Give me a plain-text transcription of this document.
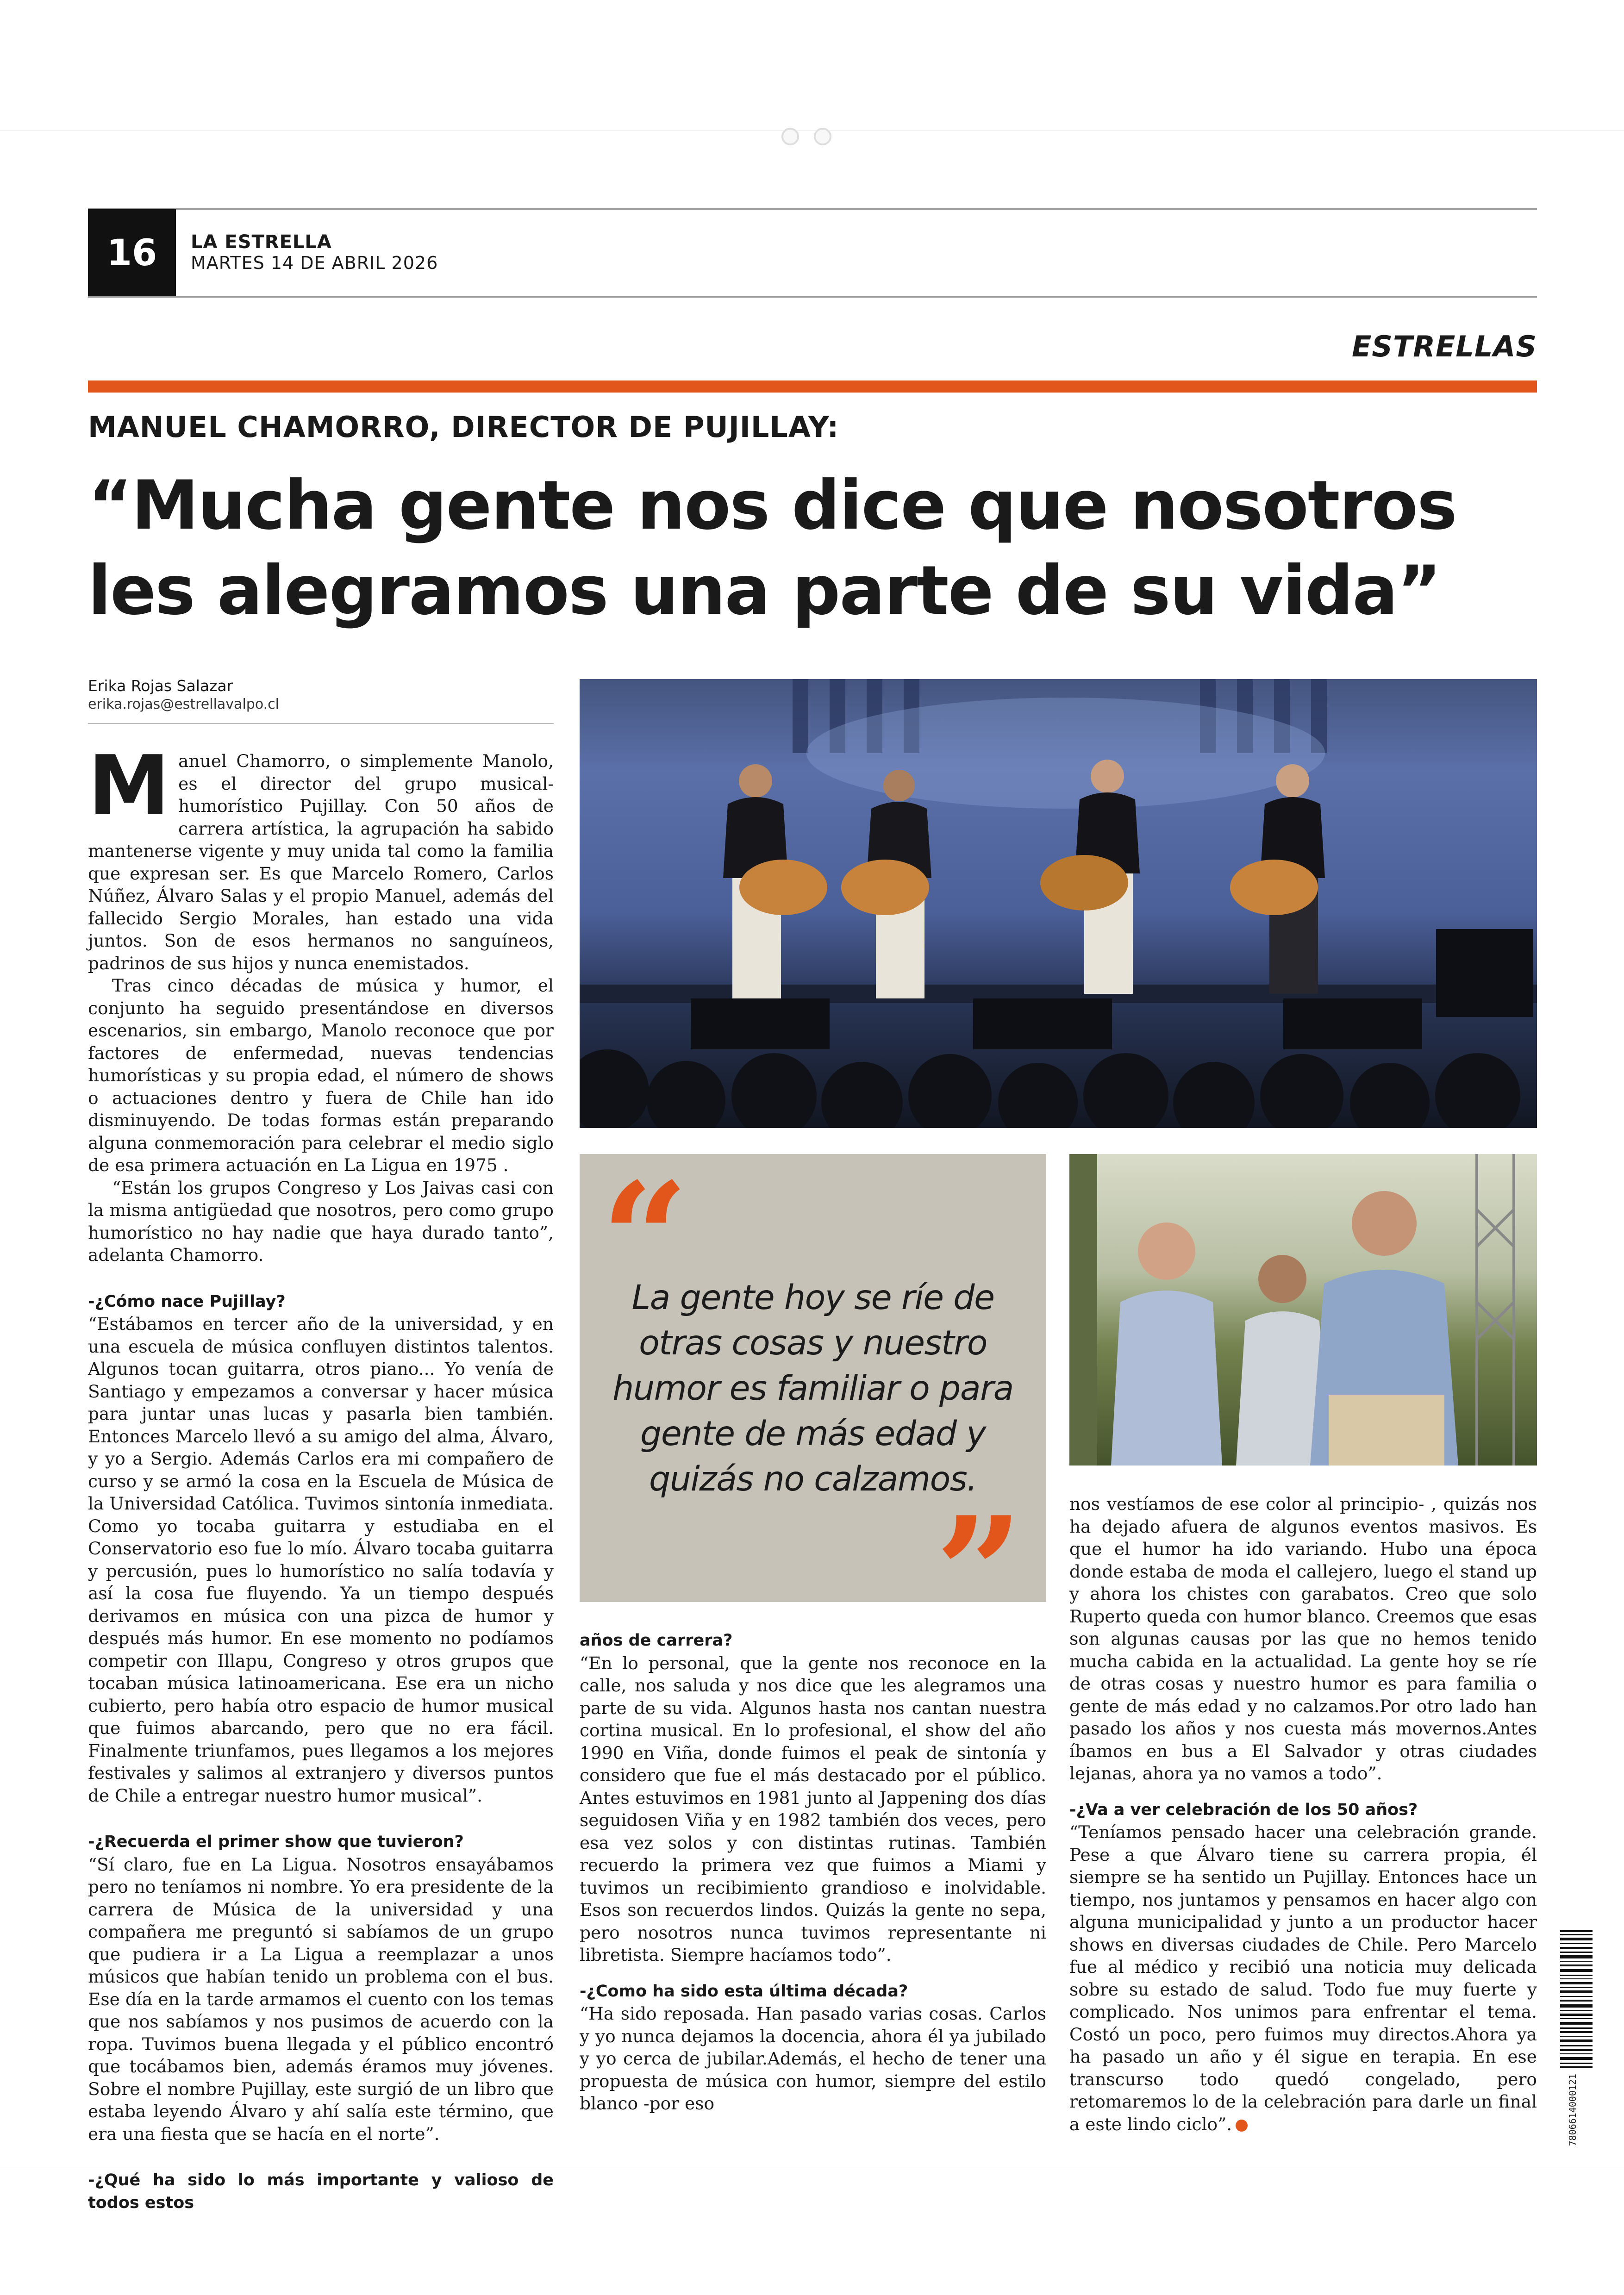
16	LA ESTRELLA
MARTES 14 DE ABRIL 2026
ESTRELLAS
MANUEL CHAMORRO, DIRECTOR DE PUJILLAY:
“Mucha gente nos dice que nosotros
les alegramos una parte de su vida”
Erika Rojas Salazar
erika.rojas@estrellavalpo.cl

Manuel Chamorro, o simplemente Manolo, es el director del grupo musical-humorístico Pujillay. Con 50 años de carrera artística, la agrupación ha sabido mantenerse vigente y muy unida tal como la familia que expresan ser. Es que Marcelo Romero, Carlos Núñez, Álvaro Salas y el propio Manuel, además del fallecido Sergio Morales, han estado una vida juntos. Son de esos hermanos no sanguíneos, padrinos de sus hijos y nunca enemistados.

Tras cinco décadas de música y humor, el conjunto ha seguido presentándose en diversos escenarios, sin embargo, Manolo reconoce que por factores de enfermedad, nuevas tendencias humorísticas y su propia edad, el número de shows o actuaciones dentro y fuera de Chile han ido disminuyendo. De todas formas están preparando alguna conmemoración para celebrar el medio siglo de esa primera actuación en La Ligua en 1975 .

“Están los grupos Congreso y Los Jaivas casi con la misma antigüedad que nosotros, pero como grupo humorístico no hay nadie que haya durado tanto”, adelanta Chamorro.

-¿Cómo nace Pujillay?

“Estábamos en tercer año de la universidad, y en una escuela de música confluyen distintos talentos. Algunos tocan guitarra, otros piano... Yo venía de Santiago y empezamos a conversar y hacer música para juntar unas lucas y pasarla bien también. Entonces Marcelo llevó a su amigo del alma, Álvaro, y yo a Sergio. Además Carlos era mi compañero de curso y se armó la cosa en la Escuela de Música de la Universidad Católica. Tuvimos sintonía inmediata. Como yo tocaba guitarra y estudiaba en el Conservatorio eso fue lo mío. Álvaro tocaba guitarra y percusión, pues lo humorístico no salía todavía y así la cosa fue fluyendo. Ya un tiempo después derivamos en música con una pizca de humor y después más humor. En ese momento no podíamos competir con Illapu, Congreso y otros grupos que tocaban música latinoamericana. Ese era un nicho cubierto, pero había otro espacio de humor musical que fuimos abarcando, pero que no era fácil. Finalmente triunfamos, pues llegamos a los mejores festivales y salimos al extranjero y diversos puntos de Chile a entregar nuestro humor musical”.

-¿Recuerda el primer show que tuvieron?

“Sí claro, fue en La Ligua. Nosotros ensayábamos pero no teníamos ni nombre. Yo era presidente de la carrera de Música de la universidad y una compañera me preguntó si sabíamos de un grupo que pudiera ir a La Ligua a reemplazar a unos músicos que habían tenido un problema con el bus. Ese día en la tarde armamos el cuento con los temas que nos sabíamos y nos pusimos de acuerdo con la ropa. Tuvimos buena llegada y el público encontró que tocábamos bien, además éramos muy jóvenes. Sobre el nombre Pujillay, este surgió de un libro que estaba leyendo Álvaro y ahí salía este término, que era una fiesta que se hacía en el norte”.

-¿Qué ha sido lo más importante y valioso de todos estos

“
La gente hoy se ríe de otras cosas y nuestro humor es familiar o para gente de más edad y quizás no calzamos.
”

años de carrera?

“En lo personal, que la gente nos reconoce en la calle, nos saluda y nos dice que les alegramos una parte de su vida. Algunos hasta nos cantan nuestra cortina musical. En lo profesional, el show del año 1990 en Viña, donde fuimos el peak de sintonía y considero que fue el más destacado por el público. Antes estuvimos en 1981 junto al Jappening dos días seguidosen Viña y en 1982 también dos veces, pero esa vez solos y con distintas rutinas. También recuerdo la primera vez que fuimos a Miami y tuvimos un recibimiento grandioso e inolvidable. Esos son recuerdos lindos. Quizás la gente no sepa, pero nosotros nunca tuvimos representante ni libretista. Siempre hacíamos todo”.

-¿Como ha sido esta última década?

“Ha sido reposada. Han pasado varias cosas. Carlos y yo nunca dejamos la docencia, ahora él ya jubilado y yo cerca de jubilar.Además, el hecho de tener una propuesta de música con humor, siempre del estilo blanco -por eso

nos vestíamos de ese color al principio- , quizás nos ha dejado afuera de algunos eventos masivos. Es que el humor ha ido variando. Hubo una época donde estaba de moda el callejero, luego el stand up y ahora los chistes con garabatos. Creo que solo Ruperto queda con humor blanco. Creemos que esas son algunas causas por las que no hemos tenido mucha cabida en la actualidad. La gente hoy se ríe de otras cosas y nuestro humor es para familia o gente de más edad y no calzamos.Por otro lado han pasado los años y nos cuesta más movernos.Antes íbamos en bus a El Salvador y otras ciudades lejanas, ahora ya no vamos a todo”.

-¿Va a ver celebración de los 50 años?

“Teníamos pensado hacer una celebración grande. Pese a que Álvaro tiene su carrera propia, él siempre se ha sentido un Pujillay. Entonces hace un tiempo, nos juntamos y pensamos en hacer algo con alguna municipalidad y junto a un productor hacer shows en diversas ciudades de Chile. Pero Marcelo fue al médico y recibió una noticia muy delicada sobre su estado de salud. Todo fue muy fuerte y complicado. Nos unimos para enfrentar el tema. Costó un poco, pero fuimos muy directos.Ahora ya ha pasado un año y él sigue en terapia. En ese transcurso todo quedó congelado, pero retomaremos lo de la celebración para darle un final a este lindo ciclo”.	7806614000121
